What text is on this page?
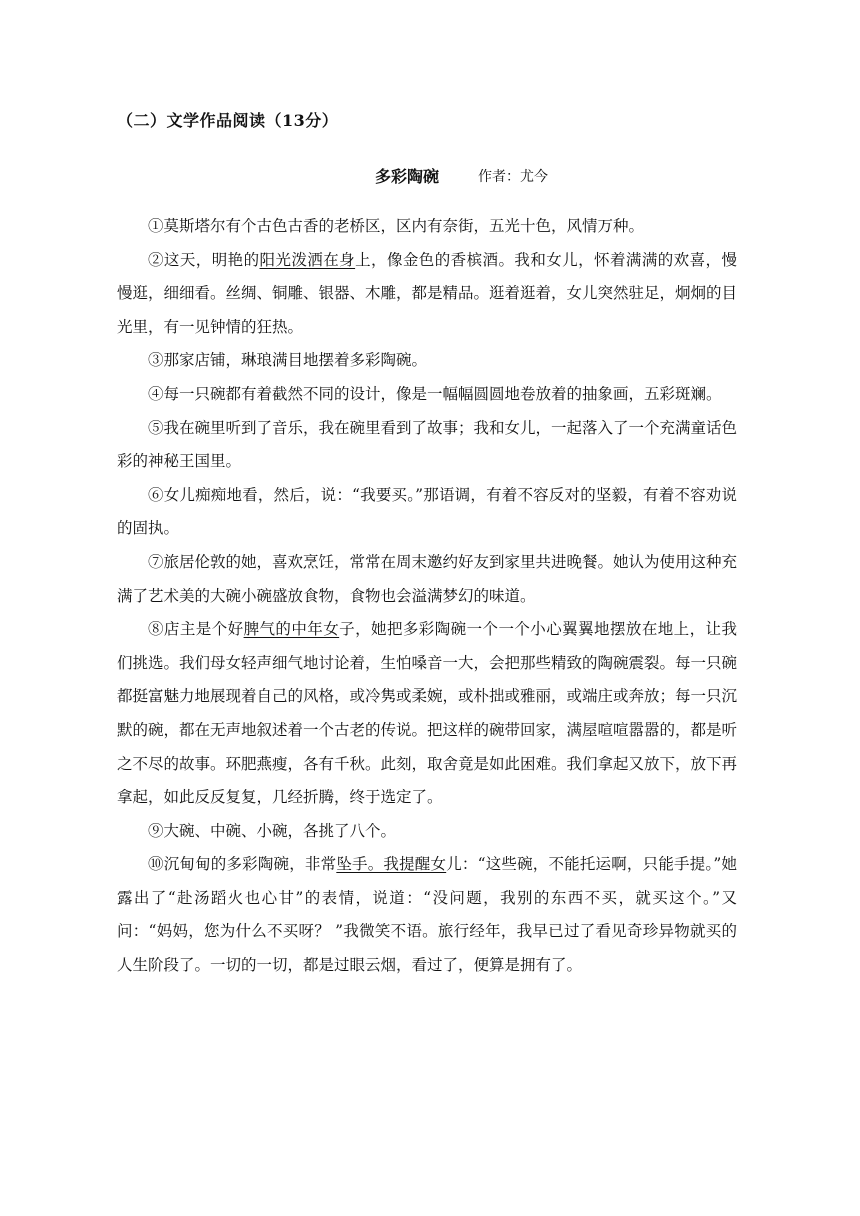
（二）文学作品阅读（13分）
多彩陶碗	作者：尤今

①莫斯塔尔有个古色古香的老桥区，区内有奈街，五光十色，风情万种。

②这天，明艳的阳光泼洒在身上，像金色的香槟酒。我和女儿，怀着满满的欢喜，慢慢逛，细细看。丝绸、铜雕、银器、木雕，都是精品。逛着逛着，女儿突然驻足，炯炯的目光里，有一见钟情的狂热。

③那家店铺，琳琅满目地摆着多彩陶碗。

④每一只碗都有着截然不同的设计，像是一幅幅圆圆地卷放着的抽象画，五彩斑斓。

⑤我在碗里听到了音乐，我在碗里看到了故事；我和女儿，一起落入了一个充满童话色彩的神秘王国里。

⑥女儿痴痴地看，然后，说：“我要买。”那语调，有着不容反对的坚毅，有着不容劝说的固执。

⑦旅居伦敦的她，喜欢烹饪，常常在周末邀约好友到家里共进晚餐。她认为使用这种充满了艺术美的大碗小碗盛放食物，食物也会溢满梦幻的味道。

⑧店主是个好脾气的中年女子，她把多彩陶碗一个一个小心翼翼地摆放在地上，让我们挑选。我们母女轻声细气地讨论着，生怕嗓音一大，会把那些精致的陶碗震裂。每一只碗都挺富魅力地展现着自己的风格，或冷隽或柔婉，或朴拙或雅丽，或端庄或奔放；每一只沉默的碗，都在无声地叙述着一个古老的传说。把这样的碗带回家，满屋喧喧嚣嚣的，都是听之不尽的故事。环肥燕瘦，各有千秋。此刻，取舍竟是如此困难。我们拿起又放下，放下再拿起，如此反反复复，几经折腾，终于选定了。

⑨大碗、中碗、小碗，各挑了八个。

⑩沉甸甸的多彩陶碗，非常坠手。我提醒女儿：“这些碗，不能托运啊，只能手提。”她露出了“赴汤蹈火也心甘”的表情，说道：“没问题，我别的东西不买，就买这个。”又问：“妈妈，您为什么不买呀？ ”我微笑不语。旅行经年，我早已过了看见奇珍异物就买的人生阶段了。一切的一切，都是过眼云烟，看过了，便算是拥有了。
